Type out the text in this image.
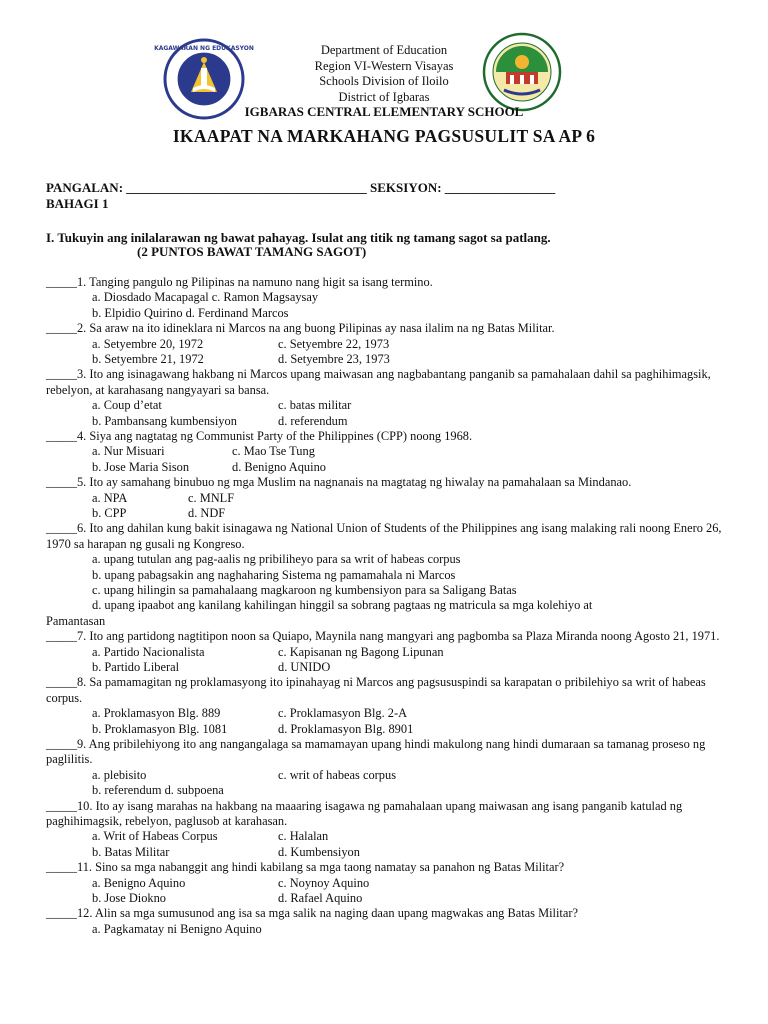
KAGAWARAN NG EDUKASYON	Department of Education
Region VI-Western Visayas
Schools Division of Iloilo
District of Igbaras
IGBARAS CENTRAL ELEMENTARY SCHOOL
IKAAPAT NA MARKAHANG PAGSUSULIT SA AP 6
PANGALAN: _____________________________________ SEKSIYON: _________________
BAHAGI 1
I. Tukuyin ang inilalarawan ng bawat pahayag. Isulat ang titik ng tamang sagot sa patlang.
(2 PUNTOS BAWAT TAMANG SAGOT)
_____1. Tanging pangulo ng Pilipinas na namuno nang higit sa isang termino.
a. Diosdado Macapagal c. Ramon Magsaysay
b. Elpidio Quirino d. Ferdinand Marcos
_____2. Sa araw na ito idineklara ni Marcos na ang buong Pilipinas ay nasa ilalim na ng Batas Militar.
a. Setyembre 20, 1972	c. Setyembre 22, 1973
b. Setyembre 21, 1972	d. Setyembre 23, 1973
_____3. Ito ang isinagawang hakbang ni Marcos upang maiwasan ang nagbabantang panganib sa pamahalaan dahil sa paghihimagsik, rebelyon, at karahasang nangyayari sa bansa.
a. Coup d’etat	c. batas militar
b. Pambansang kumbensiyon	d. referendum
_____4. Siya ang nagtatag ng Communist Party of the Philippines (CPP) noong 1968.
a. Nur Misuari	c. Mao Tse Tung
b. Jose Maria Sison	d. Benigno Aquino
_____5. Ito ay samahang binubuo ng mga Muslim na nagnanais na magtatag ng hiwalay na pamahalaan sa Mindanao.
a. NPA	c. MNLF
b. CPP	d. NDF
_____6. Ito ang dahilan kung bakit isinagawa ng National Union of Students of the Philippines ang isang malaking rali noong Enero 26, 1970 sa harapan ng gusali ng Kongreso.
a. upang tutulan ang pag-aalis ng pribiliheyo para sa writ of habeas corpus
b. upang pabagsakin ang naghaharing Sistema ng pamamahala ni Marcos
c. upang hilingin sa pamahalaang magkaroon ng kumbensiyon para sa Saligang Batas
d. upang ipaabot ang kanilang kahilingan hinggil sa sobrang pagtaas ng matricula sa mga kolehiyo at
Pamantasan
_____7. Ito ang partidong nagtitipon noon sa Quiapo, Maynila nang mangyari ang pagbomba sa Plaza Miranda noong Agosto 21, 1971.
a. Partido Nacionalista	c. Kapisanan ng Bagong Lipunan
b. Partido Liberal	d. UNIDO
_____8. Sa pamamagitan ng proklamasyong ito ipinahayag ni Marcos ang pagsususpindi sa karapatan o pribilehiyo sa writ of habeas corpus.
a. Proklamasyon Blg. 889	c. Proklamasyon Blg. 2-A
b. Proklamasyon Blg. 1081	d. Proklamasyon Blg. 8901
_____9. Ang pribilehiyong ito ang nangangalaga sa mamamayan upang hindi makulong nang hindi dumaraan sa tamanag proseso ng paglilitis.
a. plebisito	c. writ of habeas corpus
b. referendum d. subpoena
_____10. Ito ay isang marahas na hakbang na maaaring isagawa ng pamahalaan upang maiwasan ang isang panganib katulad ng paghihimagsik, rebelyon, paglusob at karahasan.
a. Writ of Habeas Corpus	c. Halalan
b. Batas Militar	d. Kumbensiyon
_____11. Sino sa mga nabanggit ang hindi kabilang sa mga taong namatay sa panahon ng Batas Militar?
a. Benigno Aquino	c. Noynoy Aquino
b. Jose Diokno	d. Rafael Aquino
_____12. Alin sa mga sumusunod ang isa sa mga salik na naging daan upang magwakas ang Batas Militar?
a. Pagkamatay ni Benigno Aquino
